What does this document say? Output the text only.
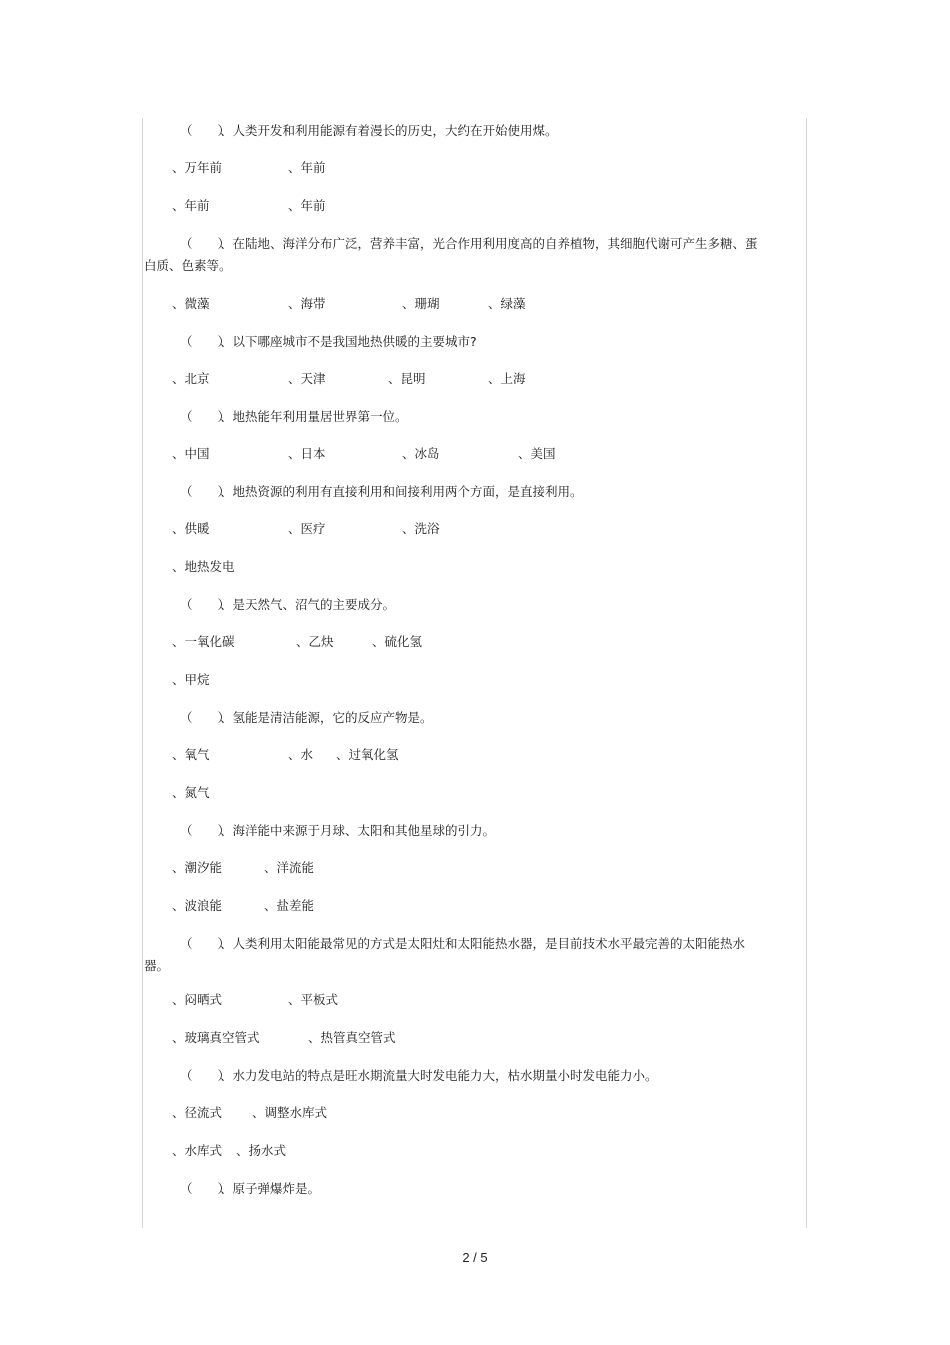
（　　）、人类开发和利用能源有着漫长的历史，大约在开始使用煤。

、万年前	、年前
、年前	、年前

（　　）、在陆地、海洋分布广泛，营养丰富，光合作用利用度高的自养植物，其细胞代谢可产生多糖、蛋白质、色素等。

、微藻	、海带	、珊瑚	、绿藻

（　　）、以下哪座城市不是我国地热供暖的主要城市?

、北京	、天津	、昆明	、上海

（　　）、地热能年利用量居世界第一位。

、中国	、日本	、冰岛	、美国

（　　）、地热资源的利用有直接利用和间接利用两个方面，是直接利用。

、供暖	、医疗	、洗浴
、地热发电

（　　）、是天然气、沼气的主要成分。

、一氧化碳	、乙炔	、硫化氢
、甲烷

（　　）、氢能是清洁能源，它的反应产物是。

、氧气	、水	、过氧化氢
、氮气

（　　）、海洋能中来源于月球、太阳和其他星球的引力。

、潮汐能	、洋流能
、波浪能	、盐差能

（　　）、人类利用太阳能最常见的方式是太阳灶和太阳能热水器，是目前技术水平最完善的太阳能热水器。

、闷晒式	、平板式
、玻璃真空管式	、热管真空管式

（　　）、水力发电站的特点是旺水期流量大时发电能力大，枯水期量小时发电能力小。

、径流式	、调整水库式
、水库式	、扬水式

（　　）、原子弹爆炸是。

2 / 5
